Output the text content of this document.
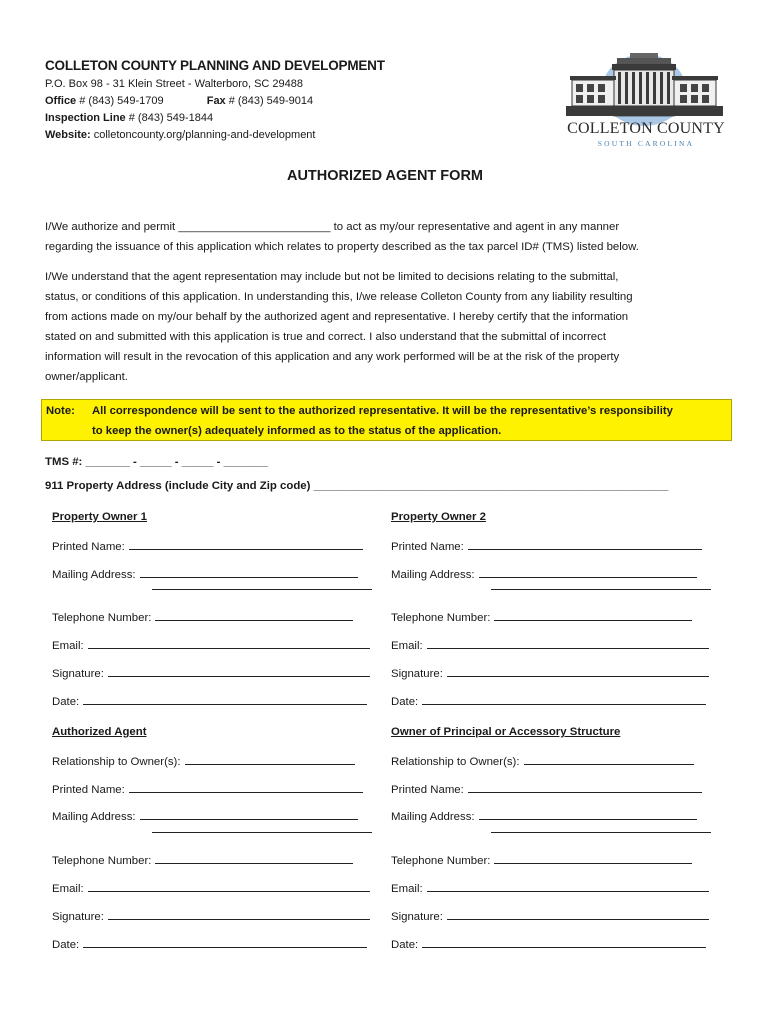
COLLETON COUNTY PLANNING AND DEVELOPMENT
P.O. Box 98 - 31 Klein Street - Walterboro, SC 29488
Office # (843) 549-1709	Fax # (843) 549-9014
Inspection Line # (843) 549-1844
Website: colletoncounty.org/planning-and-development	COLLETON COUNTY
SOUTH CAROLINA
AUTHORIZED AGENT FORM
I/We authorize and permit ________________________ to act as my/our representative and agent in any manner
regarding the issuance of this application which relates to property described as the tax parcel ID# (TMS) listed below.
I/We understand that the agent representation may include but not be limited to decisions relating to the submittal,
status, or conditions of this application. In understanding this, I/we release Colleton County from any liability resulting
from actions made on my/our behalf by the authorized agent and representative. I hereby certify that the information
stated on and submitted with this application is true and correct. I also understand that the submittal of incorrect
information will result in the revocation of this application and any work performed will be at the risk of the property
owner/applicant.
Note: All correspondence will be sent to the authorized representative. It will be the representative’s responsibility
to keep the owner(s) adequately informed as to the status of the application.
TMS #: _______ - _____ - _____ - _______
911 Property Address (include City and Zip code) ________________________________________________________
Property Owner 1
Printed Name:
Mailing Address:
Telephone Number:
Email:
Signature:
Date:
Property Owner 2
Printed Name:
Mailing Address:
Telephone Number:
Email:
Signature:
Date:
Authorized Agent
Relationship to Owner(s):
Printed Name:
Mailing Address:
Telephone Number:
Email:
Signature:
Date:
Owner of Principal or Accessory Structure
Relationship to Owner(s):
Printed Name:
Mailing Address:
Telephone Number:
Email:
Signature:
Date:
